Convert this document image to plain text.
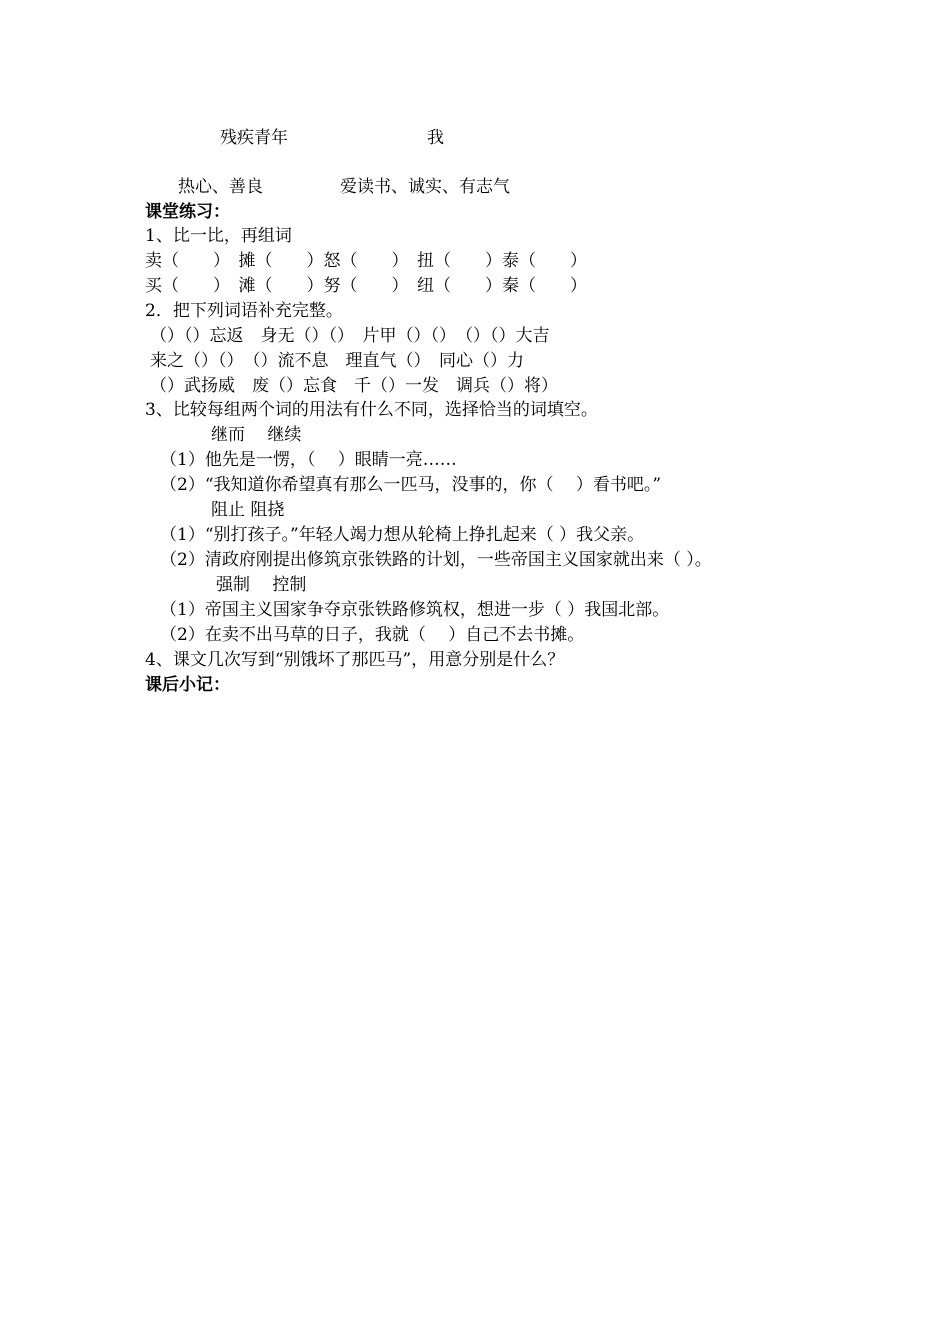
残疾青年	我
热心、善良	爱读书、诚实、有志气
课堂练习：
1、比一比，再组词
卖（　　）　摊（　　）怒（　　）　扭（　　）泰（　　）
买（　　）　滩（　　）努（　　）　纽（　　）秦（　　）
2．把下列词语补充完整。
（）（）忘返　身无（）（）　片甲（）（）　（）（）大吉
来之（）（）　（）流不息　理直气（）　同心（）力
（）武扬威　废（）忘食　千（）一发　调兵（）将）
3、比较每组两个词的用法有什么不同，选择恰当的词填空。
继而　 继续
（1）他先是一愣，（　 ）眼睛一亮……
（2）“我知道你希望真有那么一匹马，没事的，你（　 ）看书吧。”
阻止 阻挠
（1）“别打孩子。”年轻人竭力想从轮椅上挣扎起来（ ）我父亲。
（2）清政府刚提出修筑京张铁路的计划，一些帝国主义国家就出来（ ）。
强制　 控制
（1）帝国主义国家争夺京张铁路修筑权，想进一步（ ）我国北部。
（2）在卖不出马草的日子，我就（　 ）自己不去书摊。
4、课文几次写到“别饿坏了那匹马”，用意分别是什么？
课后小记：
